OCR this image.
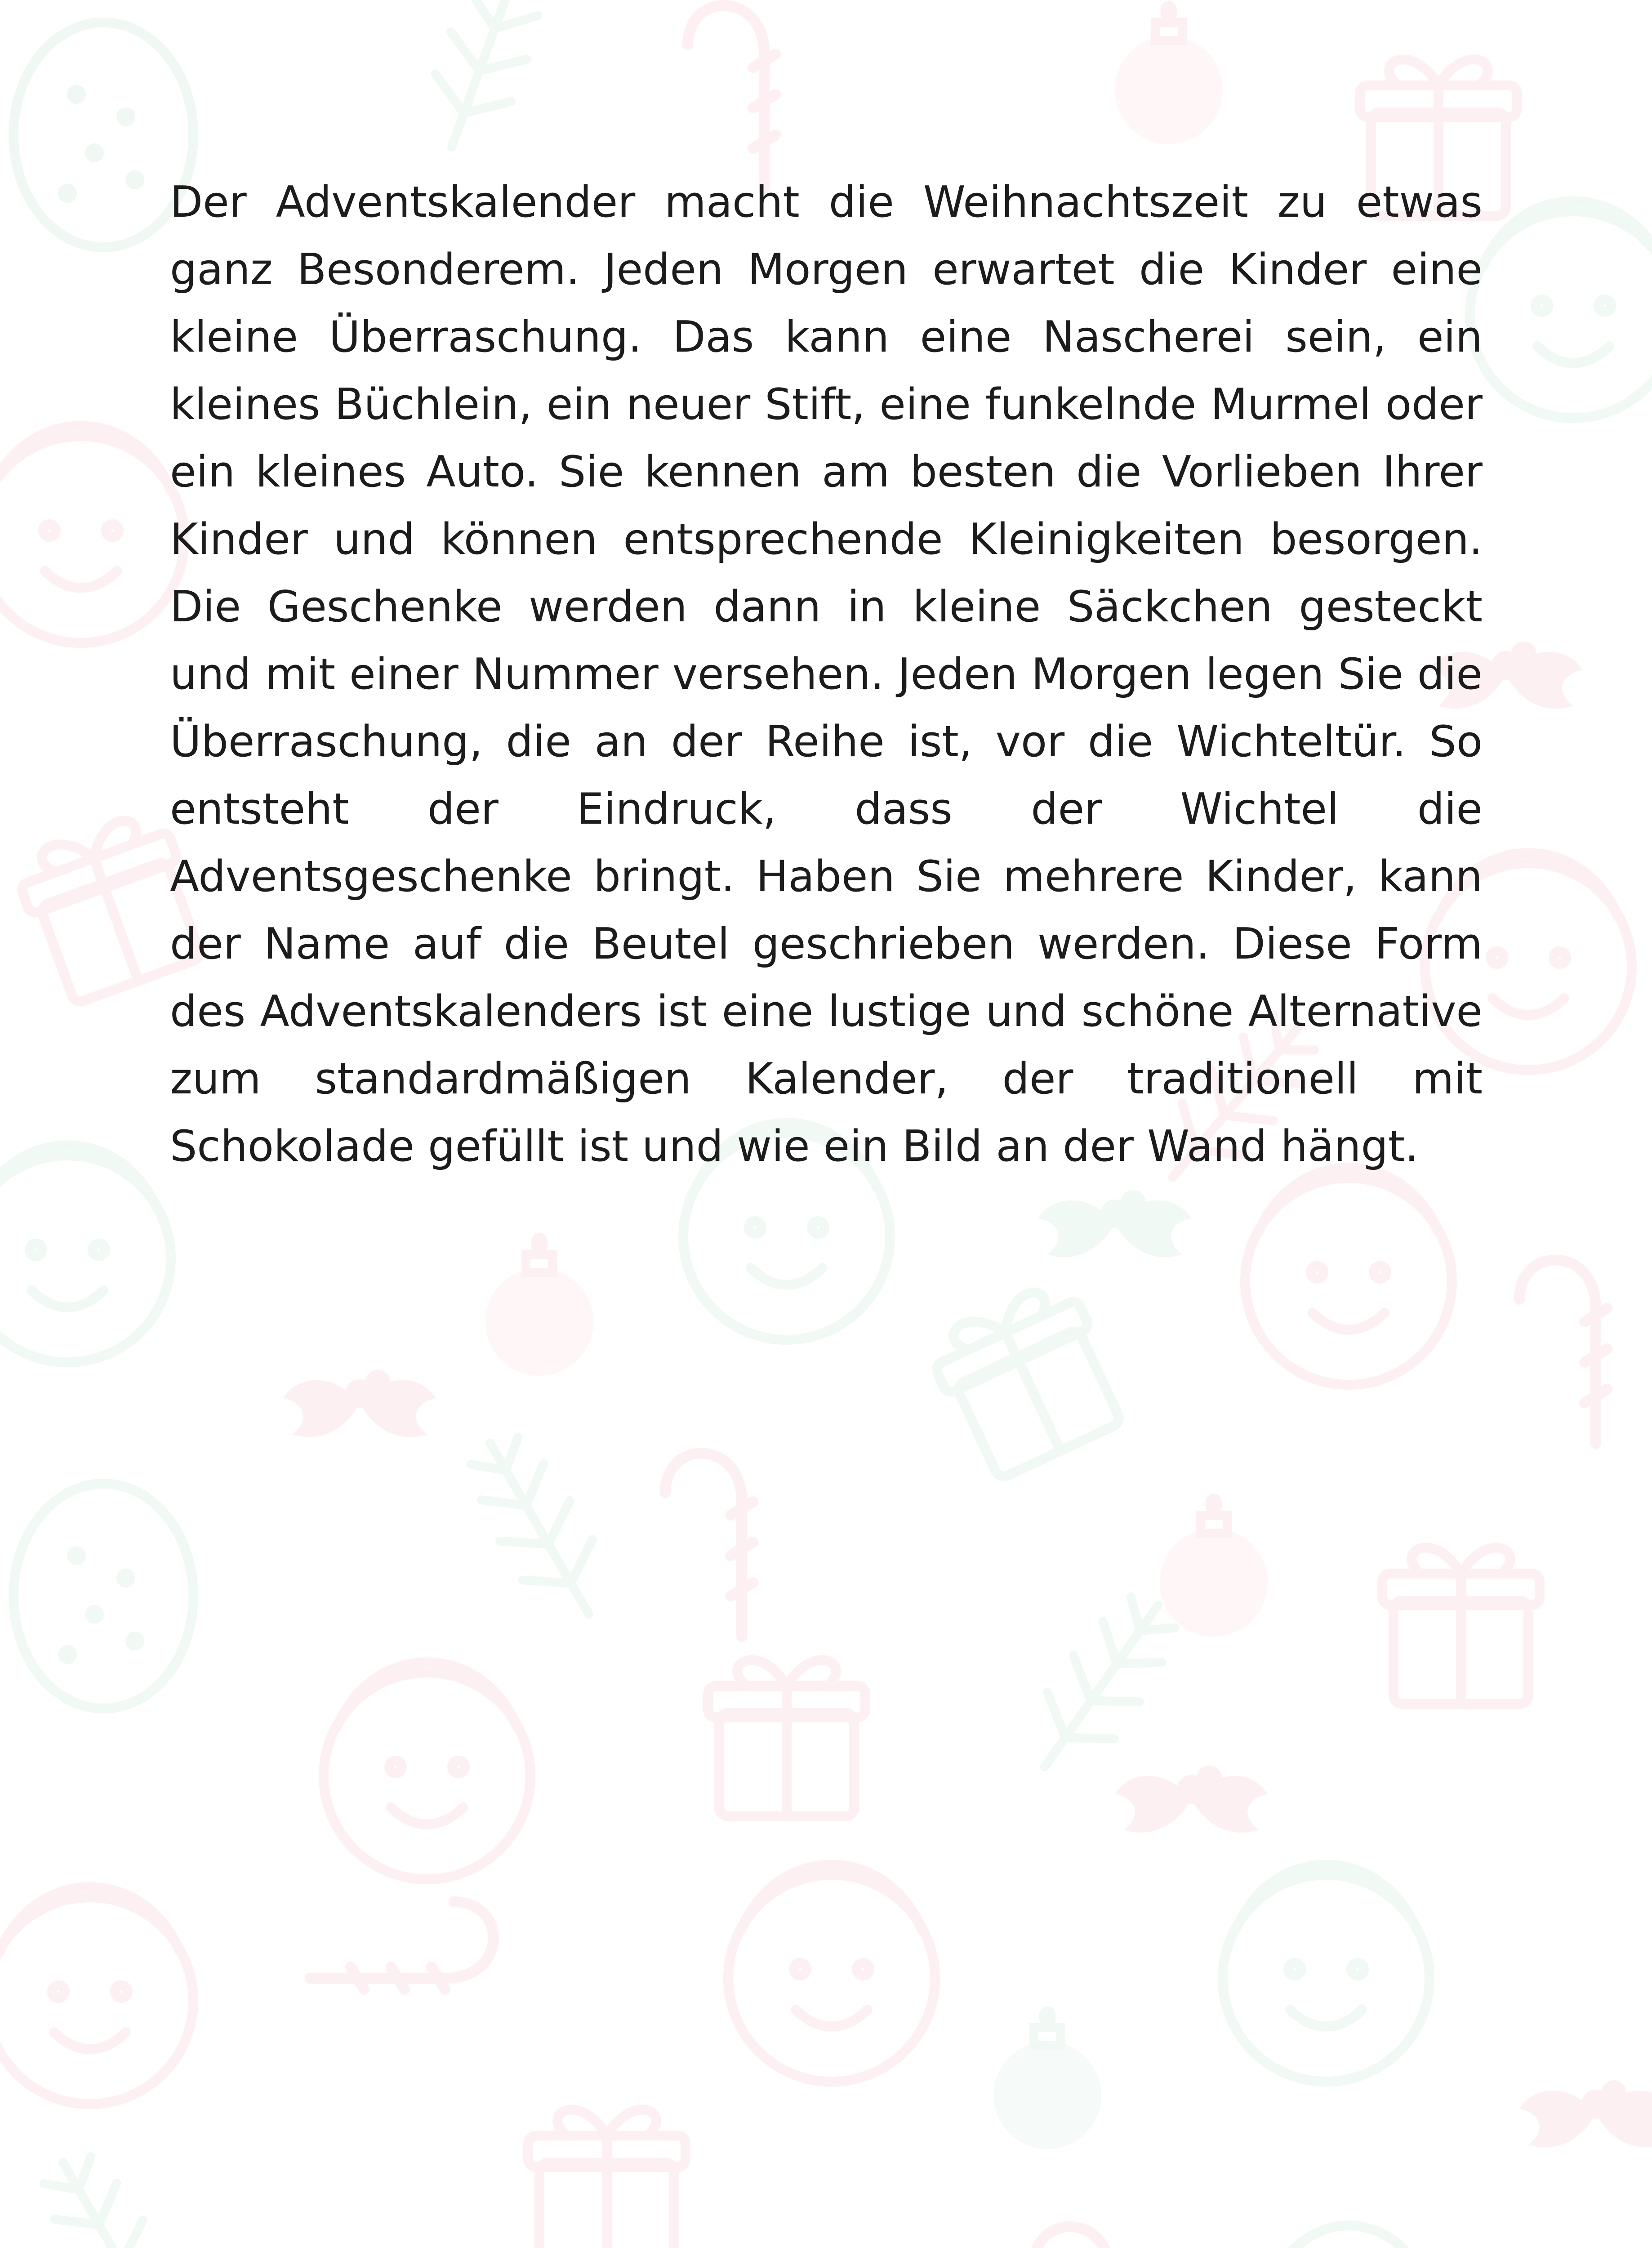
Der Adventskalender macht die Weihnachtszeit zu etwas ganz Besonderem. Jeden Morgen erwartet die Kinder eine kleine Überraschung. Das kann eine Nascherei sein, ein kleines Büchlein, ein neuer Stift, eine funkelnde Murmel oder ein kleines Auto. Sie kennen am besten die Vorlieben Ihrer Kinder und können entsprechende Kleinigkeiten besorgen. Die Geschenke werden dann in kleine Säckchen gesteckt und mit einer Nummer versehen. Jeden Morgen legen Sie die Überraschung, die an der Reihe ist, vor die Wichteltür. So entsteht der Eindruck, dass der Wichtel die Adventsgeschenke bringt. Haben Sie mehrere Kinder, kann der Name auf die Beutel geschrieben werden. Diese Form des Adventskalenders ist eine lustige und schöne Alternative zum standardmäßigen Kalender, der traditionell mit Schokolade gefüllt ist und wie ein Bild an der Wand hängt.
